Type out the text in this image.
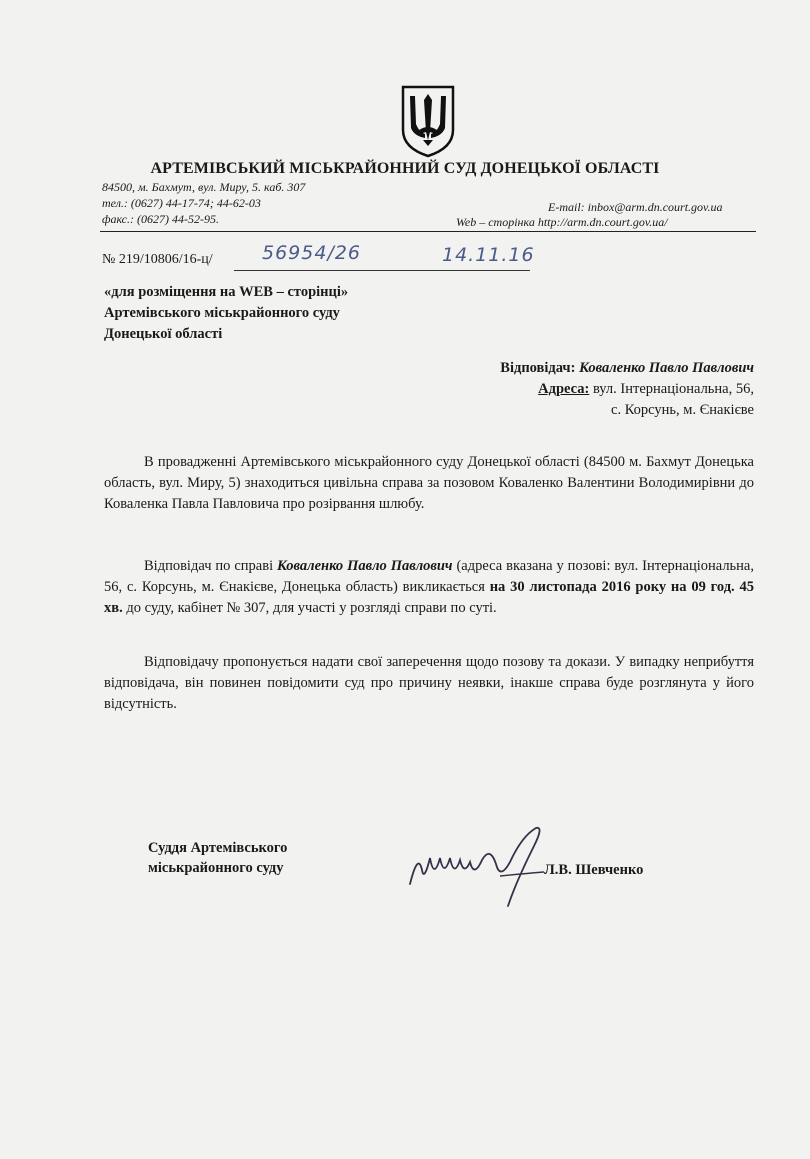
АРТЕМІВСЬКИЙ МІСЬКРАЙОННИЙ СУД ДОНЕЦЬКОЇ ОБЛАСТІ
84500, м. Бахмут, вул. Миру, 5. каб. 307
тел.: (0627) 44-17-74; 44-62-03
факс.: (0627) 44-52-95.
E-mail: inbox@arm.dn.court.gov.ua
Web – сторінка http://arm.dn.court.gov.ua/
№ 219/10806/16-ц/	56954/26	14.11.16
«для розміщення на WEB – сторінці»
Артемівського міськрайонного суду
Донецької області
Відповідач: Коваленко Павло Павлович
Адреса: вул. Інтернаціональна, 56,
с. Корсунь, м. Єнакієве
В провадженні Артемівського міськрайонного суду Донецької області (84500 м. Бахмут Донецька область, вул. Миру, 5) знаходиться цивільна справа за позовом Коваленко Валентини Володимирівни до Коваленка Павла Павловича про розірвання шлюбу.
Відповідач по справі Коваленко Павло Павлович (адреса вказана у позові: вул. Інтернаціональна, 56, с. Корсунь, м. Єнакієве, Донецька область) викликається на 30 листопада 2016 року на 09 год. 45 хв. до суду, кабінет № 307, для участі у розгляді справи по суті.
Відповідачу пропонується надати свої заперечення щодо позову та докази. У випадку неприбуття відповідача, він повинен повідомити суд про причину неявки, інакше справа буде розглянута у його відсутність.
Суддя Артемівського
міськрайонного суду	Л.В. Шевченко
